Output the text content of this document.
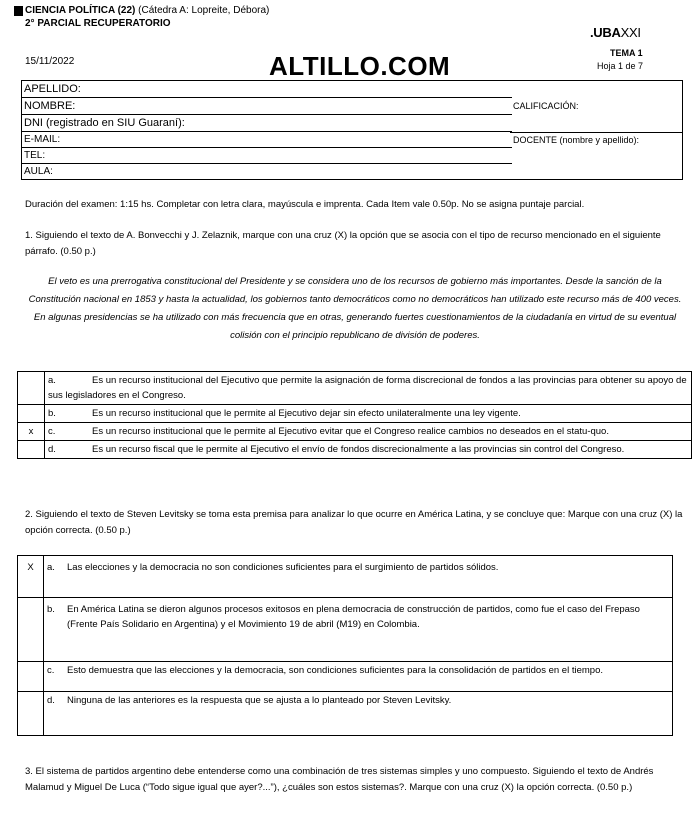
CIENCIA POLÍTICA (22) (Cátedra A: Lopreite, Débora)
2° PARCIAL RECUPERATORIO
.UBAXXI
TEMA 1
Hoja 1 de 7
15/11/2022	ALTILLO.COM
APELLIDO:
NOMBRE:
DNI (registrado en SIU Guaraní):
E-MAIL:
TEL:
AULA:
CALIFICACIÓN:
DOCENTE (nombre y apellido):
Duración del examen: 1:15 hs. Completar con letra clara, mayúscula e imprenta. Cada Item vale 0.50p. No se asigna puntaje parcial.
1. Siguiendo el texto de A. Bonvecchi y J. Zelaznik, marque con una cruz (X) la opción que se asocia con el tipo de recurso mencionado en el siguiente párrafo. (0.50 p.)
El veto es una prerrogativa constitucional del Presidente y se considera uno de los recursos de gobierno más importantes. Desde la sanción de la Constitución nacional en 1853 y hasta la actualidad, los gobiernos tanto democráticos como no democráticos han utilizado este recurso más de 400 veces. En algunas presidencias se ha utilizado con más frecuencia que en otras, generando fuertes cuestionamientos de la ciudadanía en virtud de su eventual colisión con el principio republicano de división de poderes.
	a. Es un recurso institucional del Ejecutivo que permite la asignación de forma discrecional de fondos a las provincias para obtener su apoyo de sus legisladores en el Congreso.
	b. Es un recurso institucional que le permite al Ejecutivo dejar sin efecto unilateralmente una ley vigente.
x	c. Es un recurso institucional que le permite al Ejecutivo evitar que el Congreso realice cambios no deseados en el statu-quo.
	d. Es un recurso fiscal que le permite al Ejecutivo el envío de fondos discrecionalmente a las provincias sin control del Congreso.
2. Siguiendo el texto de Steven Levitsky se toma esta premisa para analizar lo que ocurre en América Latina, y se concluye que: Marque con una cruz (X) la opción correcta. (0.50 p.)
X	a. Las elecciones y la democracia no son condiciones suficientes para el surgimiento de partidos sólidos.
	b. En América Latina se dieron algunos procesos exitosos en plena democracia de construcción de partidos, como fue el caso del Frepaso (Frente País Solidario en Argentina) y el Movimiento 19 de abril (M19) en Colombia.
	c. Esto demuestra que las elecciones y la democracia, son condiciones suficientes para la consolidación de partidos en el tiempo.
	d. Ninguna de las anteriores es la respuesta que se ajusta a lo planteado por Steven Levitsky.
3. El sistema de partidos argentino debe entenderse como una combinación de tres sistemas simples y uno compuesto. Siguiendo el texto de Andrés Malamud y Miguel De Luca (“Todo sigue igual que ayer?...”), ¿cuáles son estos sistemas?. Marque con una cruz (X) la opción correcta. (0.50 p.)
